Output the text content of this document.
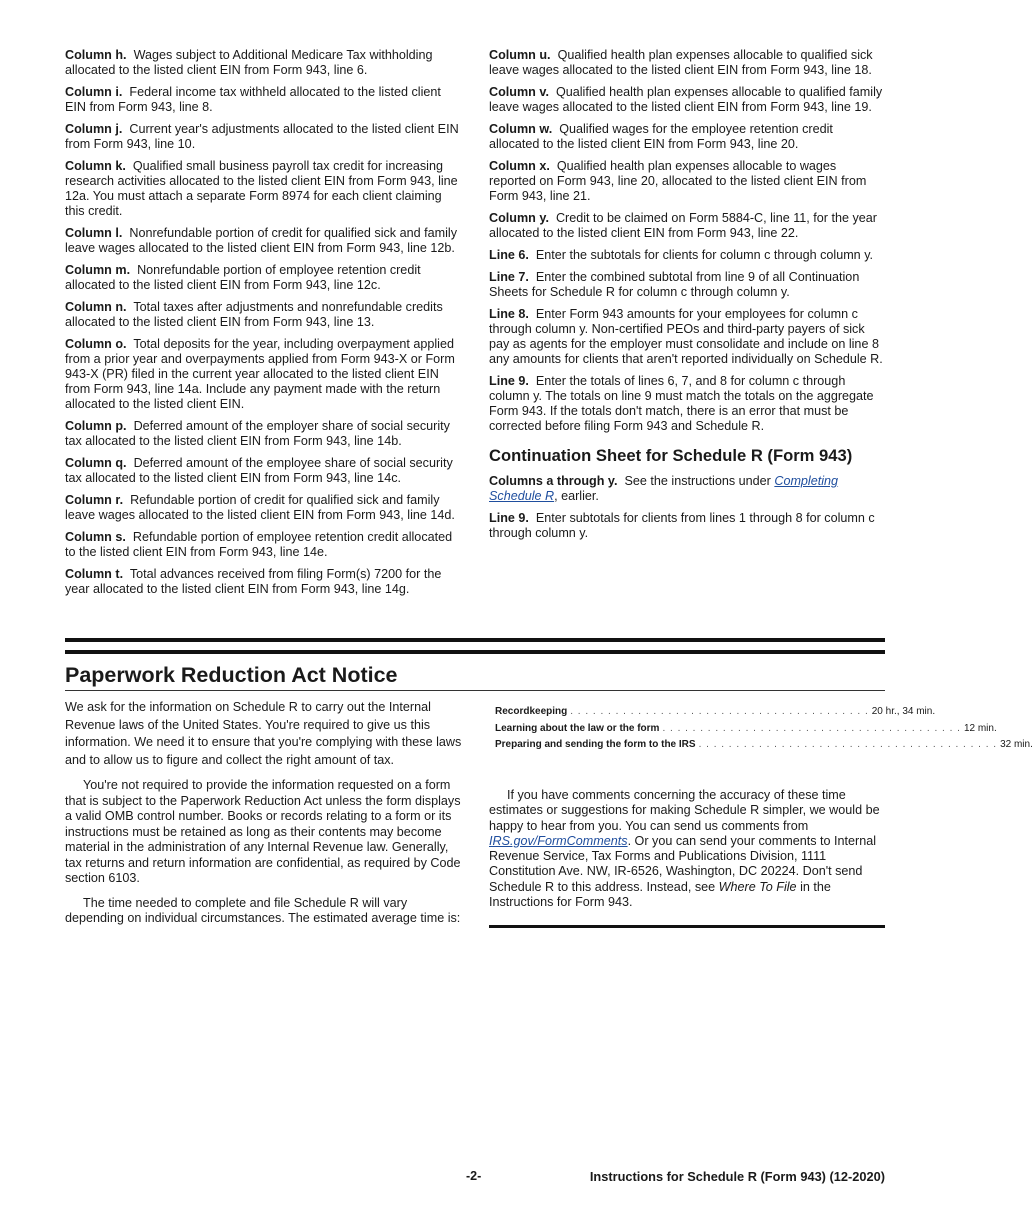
Column h. Wages subject to Additional Medicare Tax withholding allocated to the listed client EIN from Form 943, line 6.

Column i. Federal income tax withheld allocated to the listed client EIN from Form 943, line 8.

Column j. Current year's adjustments allocated to the listed client EIN from Form 943, line 10.

Column k. Qualified small business payroll tax credit for increasing research activities allocated to the listed client EIN from Form 943, line 12a. You must attach a separate Form 8974 for each client claiming this credit.

Column l. Nonrefundable portion of credit for qualified sick and family leave wages allocated to the listed client EIN from Form 943, line 12b.

Column m. Nonrefundable portion of employee retention credit allocated to the listed client EIN from Form 943, line 12c.

Column n. Total taxes after adjustments and nonrefundable credits allocated to the listed client EIN from Form 943, line 13.

Column o. Total deposits for the year, including overpayment applied from a prior year and overpayments applied from Form 943-X or Form 943-X (PR) filed in the current year allocated to the listed client EIN from Form 943, line 14a. Include any payment made with the return allocated to the listed client EIN.

Column p. Deferred amount of the employer share of social security tax allocated to the listed client EIN from Form 943, line 14b.

Column q. Deferred amount of the employee share of social security tax allocated to the listed client EIN from Form 943, line 14c.

Column r. Refundable portion of credit for qualified sick and family leave wages allocated to the listed client EIN from Form 943, line 14d.

Column s. Refundable portion of employee retention credit allocated to the listed client EIN from Form 943, line 14e.

Column t. Total advances received from filing Form(s) 7200 for the year allocated to the listed client EIN from Form 943, line 14g.

Column u. Qualified health plan expenses allocable to qualified sick leave wages allocated to the listed client EIN from Form 943, line 18.

Column v. Qualified health plan expenses allocable to qualified family leave wages allocated to the listed client EIN from Form 943, line 19.

Column w. Qualified wages for the employee retention credit allocated to the listed client EIN from Form 943, line 20.

Column x. Qualified health plan expenses allocable to wages reported on Form 943, line 20, allocated to the listed client EIN from Form 943, line 21.

Column y. Credit to be claimed on Form 5884-C, line 11, for the year allocated to the listed client EIN from Form 943, line 22.

Line 6. Enter the subtotals for clients for column c through column y.

Line 7. Enter the combined subtotal from line 9 of all Continuation Sheets for Schedule R for column c through column y.

Line 8. Enter Form 943 amounts for your employees for column c through column y. Non-certified PEOs and third-party payers of sick pay as agents for the employer must consolidate and include on line 8 any amounts for clients that aren't reported individually on Schedule R.

Line 9. Enter the totals of lines 6, 7, and 8 for column c through column y. The totals on line 9 must match the totals on the aggregate Form 943. If the totals don't match, there is an error that must be corrected before filing Form 943 and Schedule R.

Continuation Sheet for Schedule R (Form 943)

Columns a through y. See the instructions under Completing Schedule R, earlier.

Line 9. Enter subtotals for clients from lines 1 through 8 for column c through column y.

Paperwork Reduction Act Notice

We ask for the information on Schedule R to carry out the Internal Revenue laws of the United States. You're required to give us this information. We need it to ensure that you're complying with these laws and to allow us to figure and collect the right amount of tax.

You're not required to provide the information requested on a form that is subject to the Paperwork Reduction Act unless the form displays a valid OMB control number. Books or records relating to a form or its instructions must be retained as long as their contents may become material in the administration of any Internal Revenue law. Generally, tax returns and return information are confidential, as required by Code section 6103.

The time needed to complete and file Schedule R will vary depending on individual circumstances. The estimated average time is:

Recordkeeping . . . . . . . . . . . . . . . . . . . . . . . . . . . . . . . . . . . . . . . . 20 hr., 34 min.
Learning about the law or the form . . . . . . . . . . . . . . . . . . . . . . . . . . . . . . . . . . . . . . . . 12 min.
Preparing and sending the form to the IRS . . . . . . . . . . . . . . . . . . . . . . . . . . . . . . . . . . . . . . . . 32 min.

If you have comments concerning the accuracy of these time estimates or suggestions for making Schedule R simpler, we would be happy to hear from you. You can send us comments from IRS.gov/FormComments. Or you can send your comments to Internal Revenue Service, Tax Forms and Publications Division, 1111 Constitution Ave. NW, IR-6526, Washington, DC 20224. Don't send Schedule R to this address. Instead, see Where To File in the Instructions for Form 943.

-2-	Instructions for Schedule R (Form 943) (12-2020)
